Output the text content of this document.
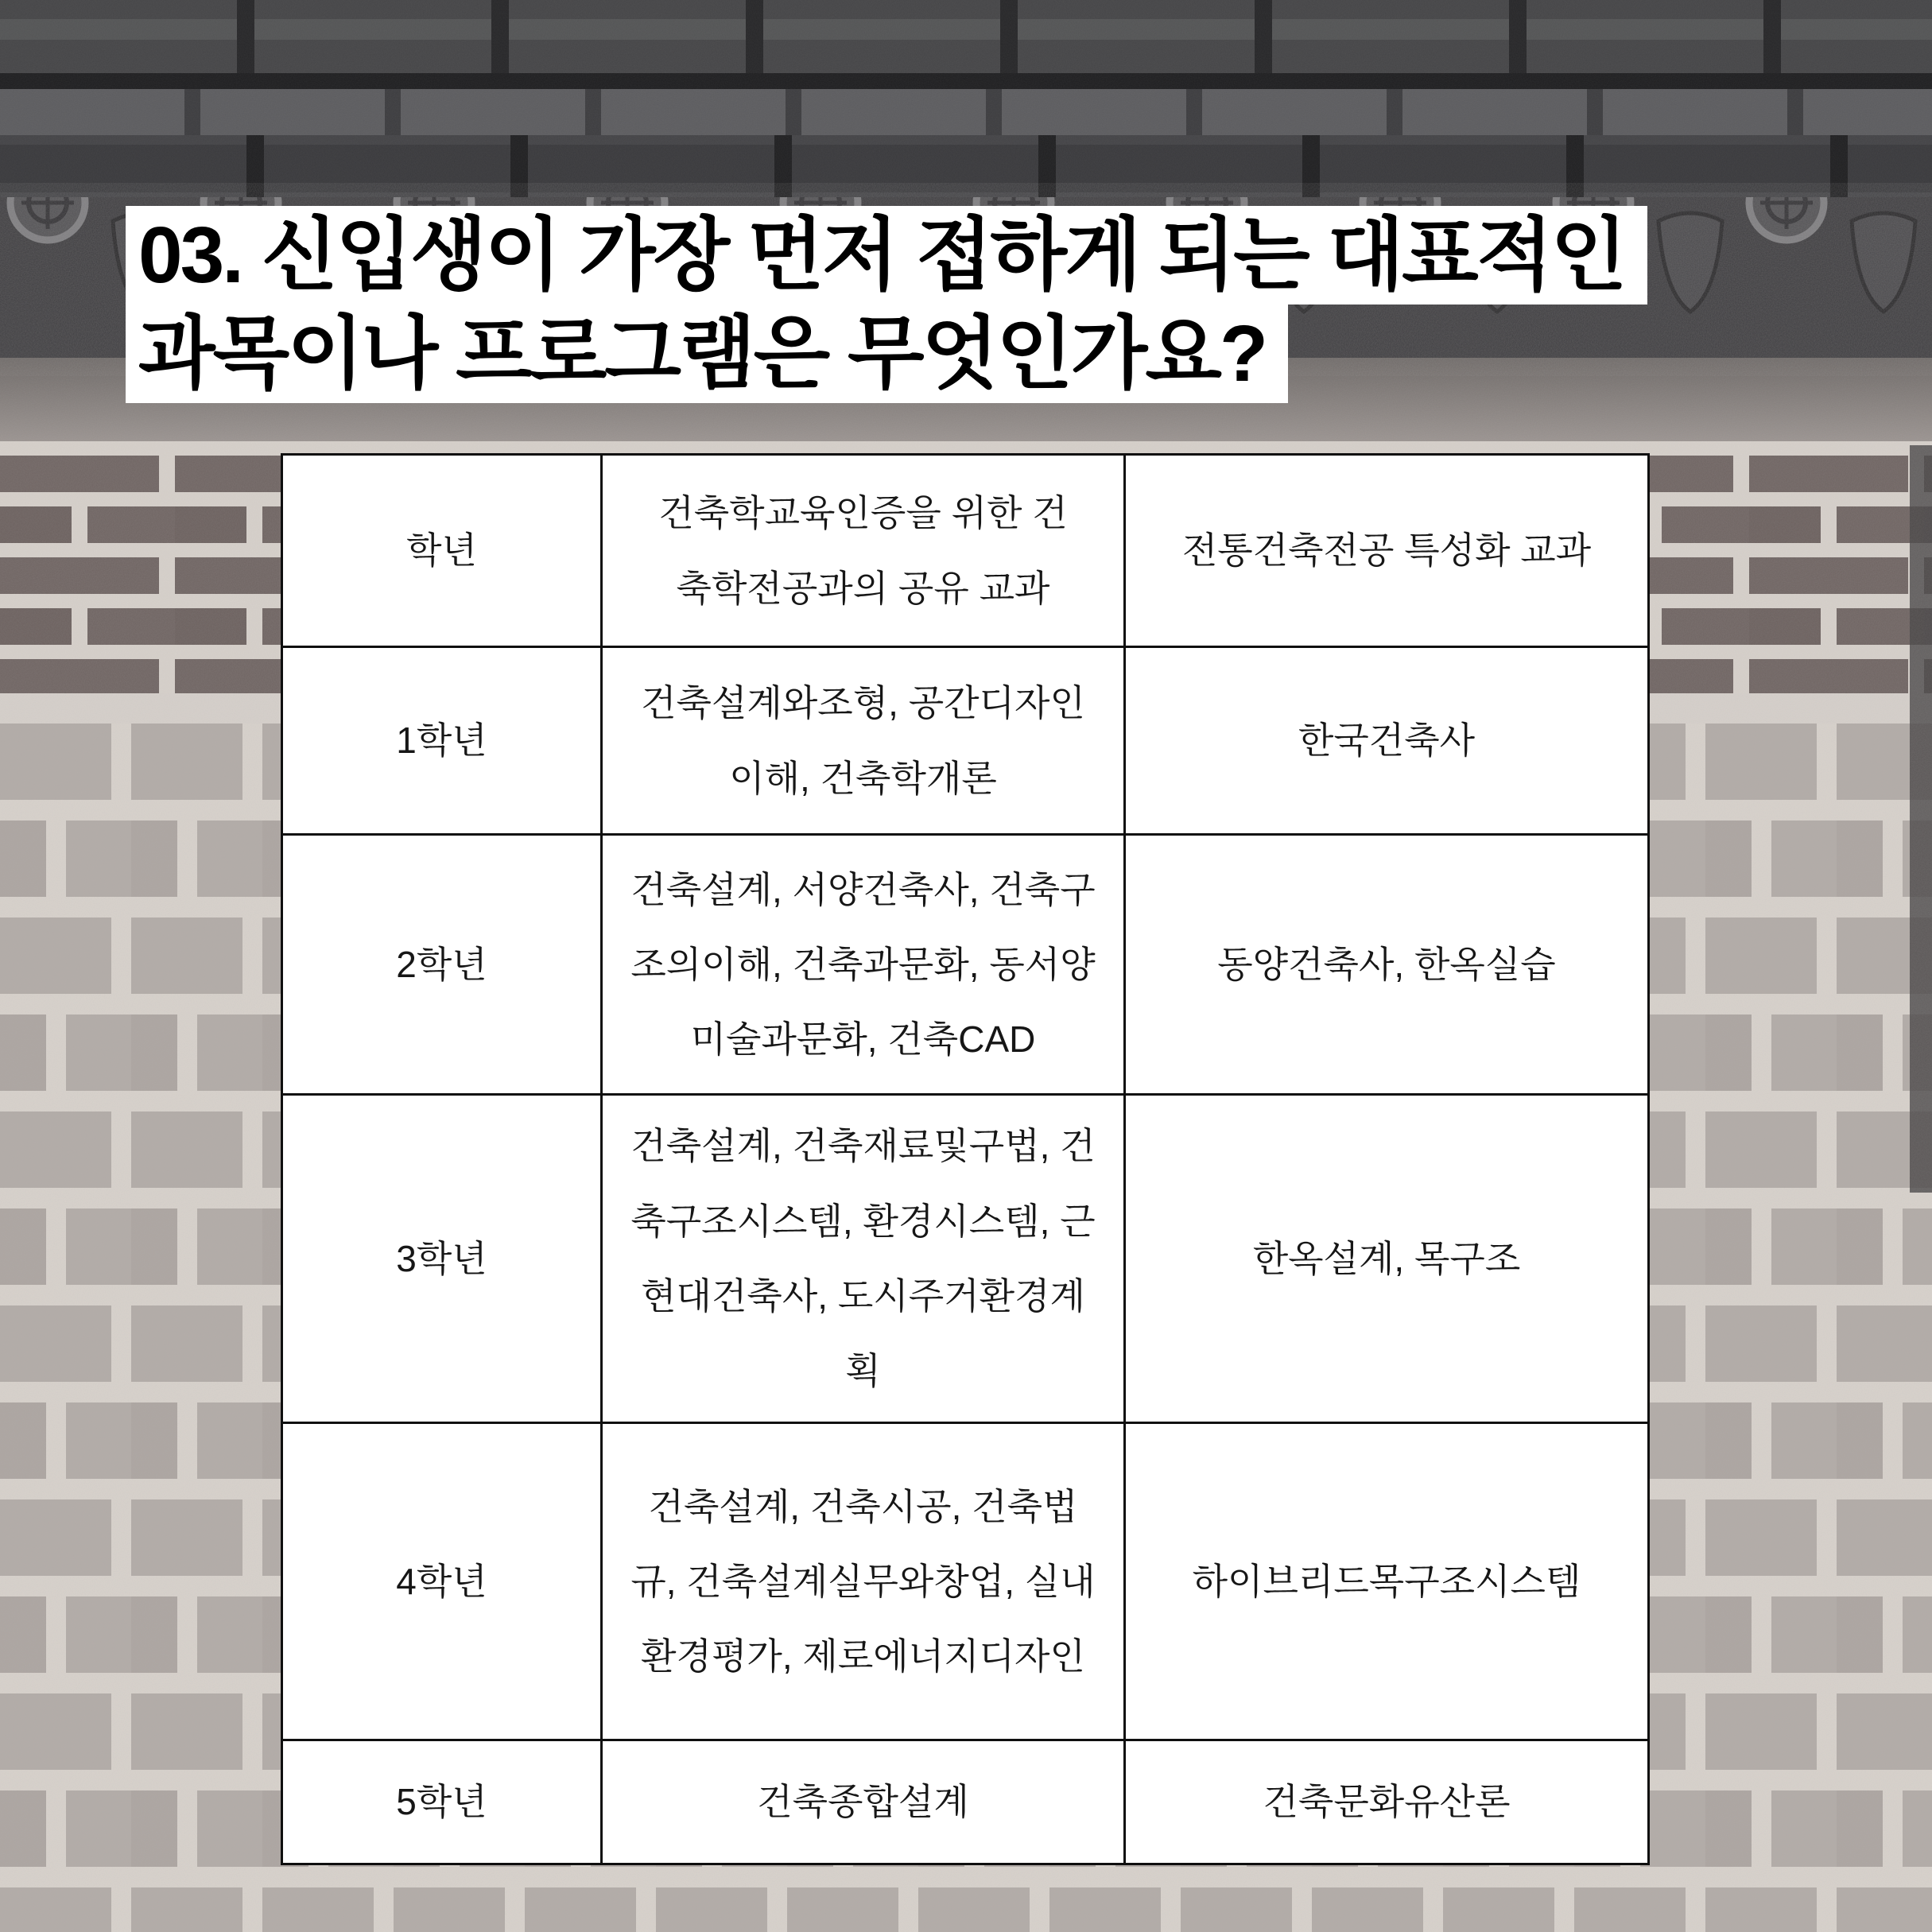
03. 신입생이 가장 먼저 접하게 되는 대표적인
과목이나 프로그램은 무엇인가요?
학년	건축학교육인증을 위한 건축학전공과의 공유 교과	전통건축전공 특성화 교과
1학년	건축설계와조형, 공간디자인이해, 건축학개론	한국건축사
2학년	건축설계, 서양건축사, 건축구조의이해, 건축과문화, 동서양미술과문화, 건축CAD	동양건축사, 한옥실습
3학년	건축설계, 건축재료및구법, 건축구조시스템, 환경시스템, 근현대건축사, 도시주거환경계획	한옥설계, 목구조
4학년	건축설계, 건축시공, 건축법규, 건축설계실무와창업, 실내환경평가, 제로에너지디자인	하이브리드목구조시스템
5학년	건축종합설계	건축문화유산론
